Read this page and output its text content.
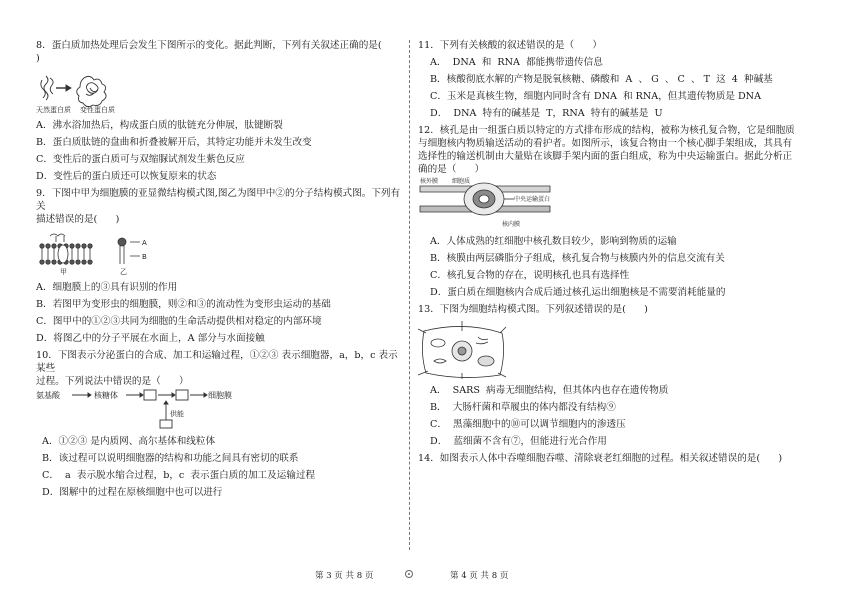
8．蛋白质加热处理后会发生下图所示的变化。据此判断，下列有关叙述正确的是(      )

天然蛋白质 变性蛋白质

A．沸水浴加热后，构成蛋白质的肽链充分伸展，肽键断裂

B．蛋白质肽链的盘曲和折叠被解开后，其特定功能并未发生改变

C．变性后的蛋白质可与双缩脲试剂发生紫色反应

D．变性后的蛋白质还可以恢复原来的状态

9．下图中甲为细胞膜的亚显微结构模式图,图乙为图甲中②的分子结构模式图。下列有关

描述错误的是(      )

A
B
甲	乙

A．细胞膜上的③具有识别的作用

B．若图甲为变形虫的细胞膜，则②和③的流动性为变形虫运动的基础

C．图甲中的①②③共同为细胞的生命活动提供相对稳定的内部环境

D．将图乙中的分子平展在水面上，A 部分与水面接触

10．下图表示分泌蛋白的合成、加工和运输过程，①②③ 表示细胞器，a，b，c 表示某些

过程。下列说法中错误的是（      ）

氨基酸	核糖体	细胞膜
供能

A．①②③ 是内质网、高尔基体和线粒体

B．该过程可以说明细胞器的结构和功能之间具有密切的联系

C．  a  表示脱水缩合过程，b，c  表示蛋白质的加工及运输过程

D．图解中的过程在原核细胞中也可以进行

11．下列有关核酸的叙述错误的是（      ）

A．  DNA  和  RNA  都能携带遗传信息

B．核酸彻底水解的产物是脱氧核糖、磷酸和  A  、 G  、 C  、 T  这  4  种碱基

C．玉米是真核生物，细胞内同时含有 DNA  和 RNA，但其遗传物质是 DNA

D．  DNA  特有的碱基是  T，RNA  特有的碱基是  U

12．核孔是由一组蛋白质以特定的方式排布形成的结构，被称为核孔复合物，它是细胞质

与细胞核内物质输送活动的看护者。如图所示，该复合物由一个核心脚手架组成，其具有

选择性的输送机制由大量贴在该脚手架内面的蛋白组成，称为中央运输蛋白。据此分析正

确的是（      ）

核外膜 细胞质
中央运输蛋白
核内膜

A．人体成熟的红细胞中核孔数目较少，影响到物质的运输

B．核膜由两层磷脂分子组成，核孔复合物与核膜内外的信息交流有关

C．核孔复合物的存在，说明核孔也具有选择性

D．蛋白质在细胞核内合成后通过核孔运出细胞核是不需要消耗能量的

13．下图为细胞结构模式图。下列叙述错误的是(      )

A．  SARS  病毒无细胞结构，但其体内也存在遗传物质

B．  大肠杆菌和草履虫的体内都没有结构⑨

C．  黑藻细胞中的⑩可以调节细胞内的渗透压

D．  蓝细菌不含有⑦，但能进行光合作用

14．如图表示人体中吞噬细胞吞噬、清除衰老红细胞的过程。相关叙述错误的是(      )

第 3 页 共 8 页	第 4 页 共 8 页
